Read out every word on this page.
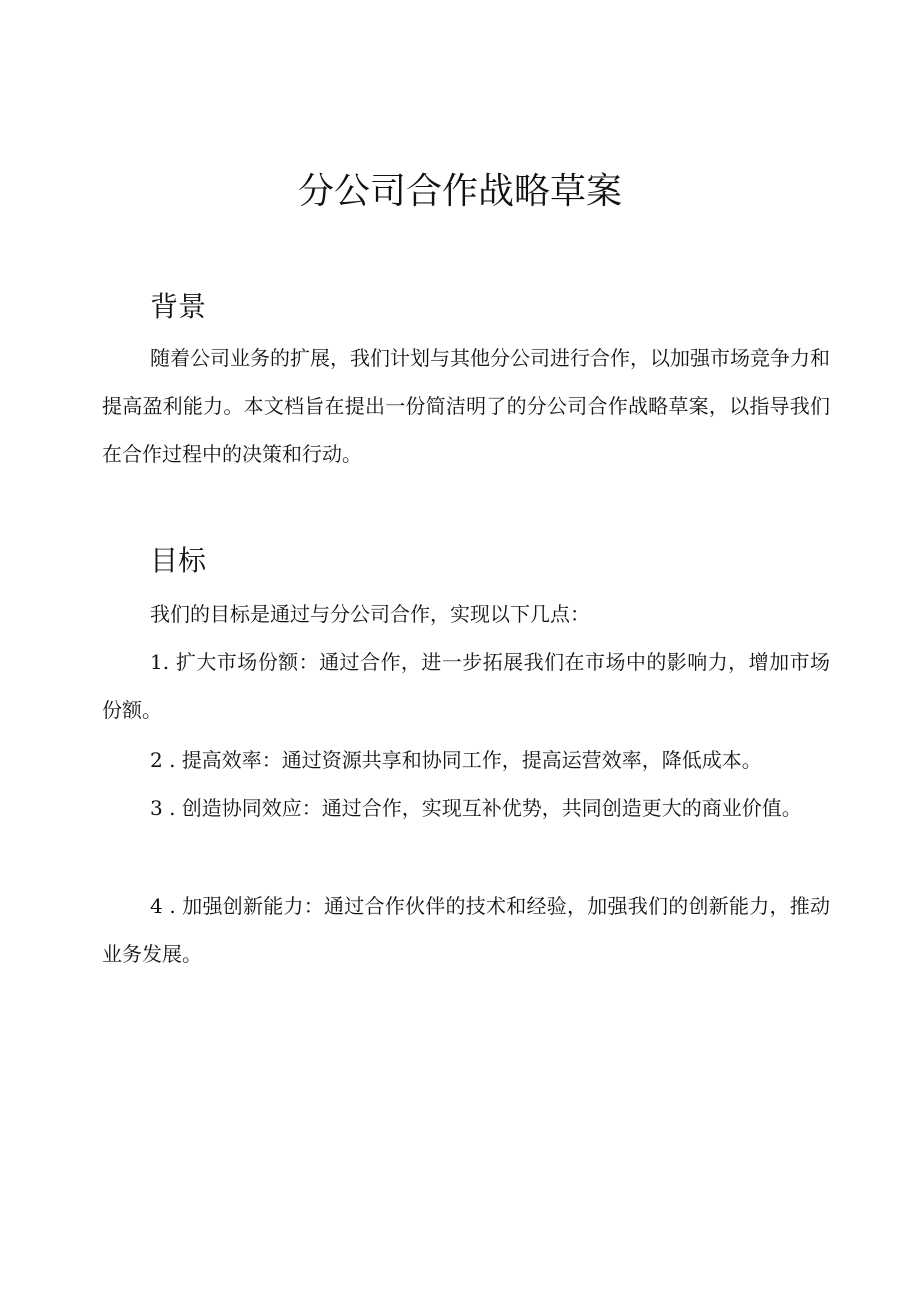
分公司合作战略草案
背景

随着公司业务的扩展，我们计划与其他分公司进行合作，以加强市场竞争力和提高盈利能力。本文档旨在提出一份简洁明了的分公司合作战略草案，以指导我们在合作过程中的决策和行动。

目标

我们的目标是通过与分公司合作，实现以下几点：

1. 扩大市场份额：通过合作，进一步拓展我们在市场中的影响力，增加市场份额。

2 . 提高效率：通过资源共享和协同工作，提高运营效率，降低成本。

3 . 创造协同效应：通过合作，实现互补优势，共同创造更大的商业价值。

4 . 加强创新能力：通过合作伙伴的技术和经验，加强我们的创新能力，推动业务发展。
